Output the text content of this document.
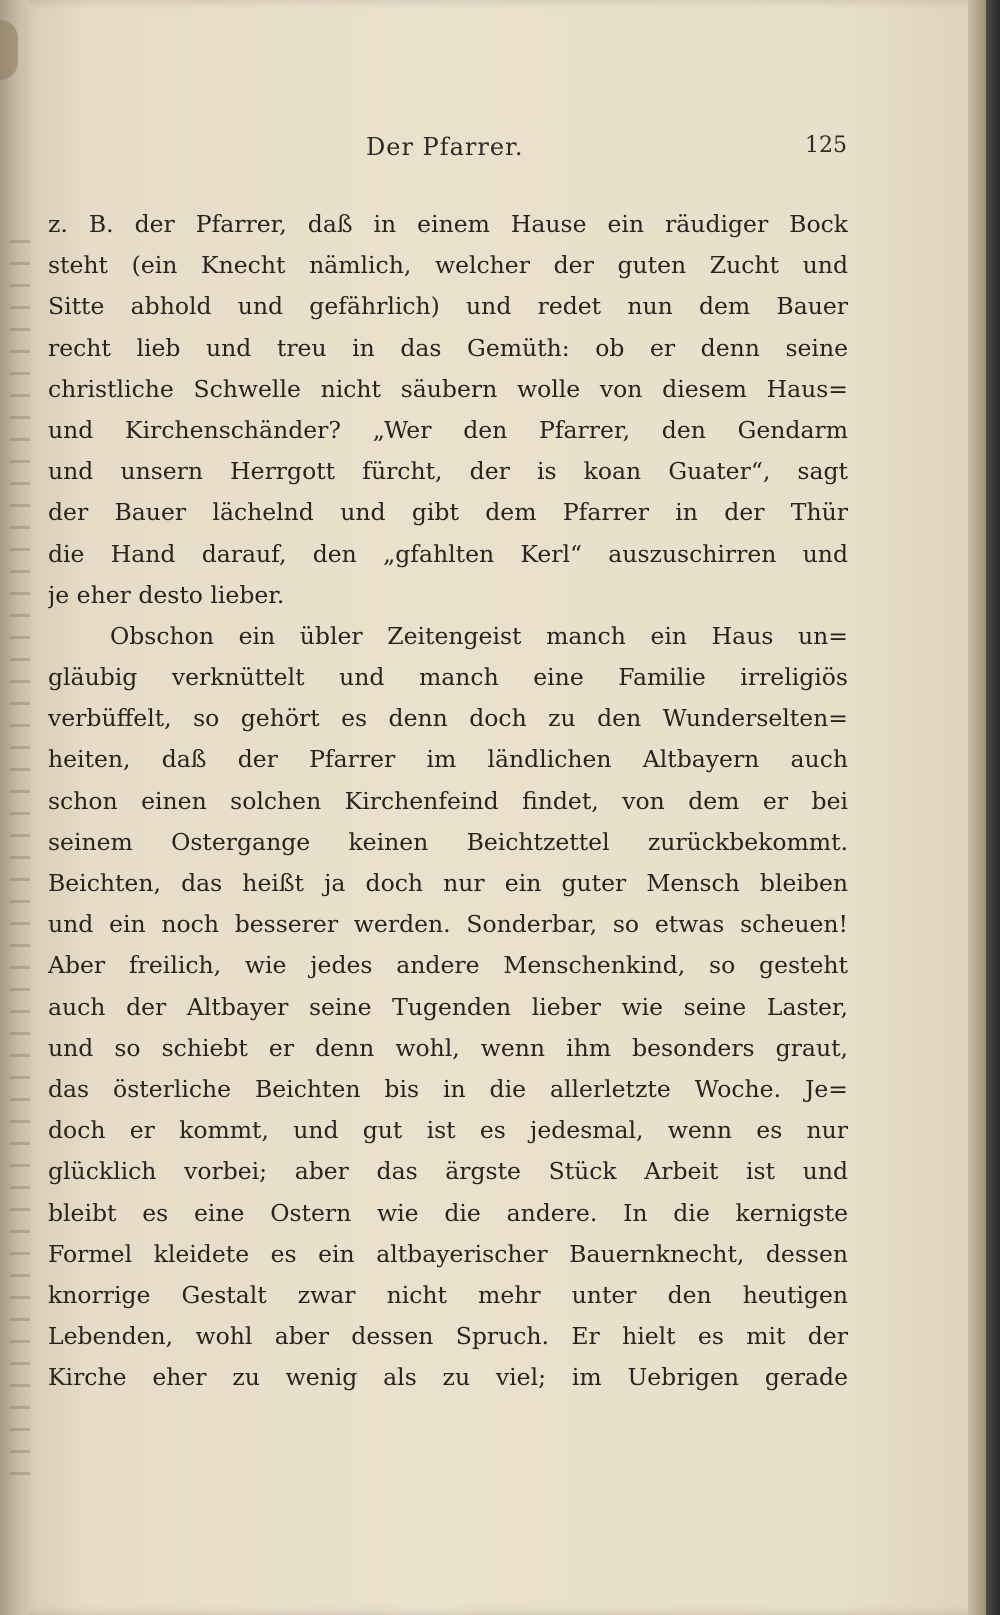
Der Pfarrer.	125
z. B. der Pfarrer, daß in einem Hause ein räudiger Bock
steht (ein Knecht nämlich, welcher der guten Zucht und
Sitte abhold und gefährlich) und redet nun dem Bauer
recht lieb und treu in das Gemüth: ob er denn seine
christliche Schwelle nicht säubern wolle von diesem Haus=
und Kirchenschänder? „Wer den Pfarrer, den Gendarm
und unsern Herrgott fürcht, der is koan Guater“, sagt
der Bauer lächelnd und gibt dem Pfarrer in der Thür
die Hand darauf, den „gfahlten Kerl“ auszuschirren und
je eher desto lieber.
Obschon ein übler Zeitengeist manch ein Haus un=
gläubig verknüttelt und manch eine Familie irreligiös
verbüffelt, so gehört es denn doch zu den Wunderselten=
heiten, daß der Pfarrer im ländlichen Altbayern auch
schon einen solchen Kirchenfeind findet, von dem er bei
seinem Ostergange keinen Beichtzettel zurückbekommt.
Beichten, das heißt ja doch nur ein guter Mensch bleiben
und ein noch besserer werden. Sonderbar, so etwas scheuen!
Aber freilich, wie jedes andere Menschenkind, so gesteht
auch der Altbayer seine Tugenden lieber wie seine Laster,
und so schiebt er denn wohl, wenn ihm besonders graut,
das österliche Beichten bis in die allerletzte Woche. Je=
doch er kommt, und gut ist es jedesmal, wenn es nur
glücklich vorbei; aber das ärgste Stück Arbeit ist und
bleibt es eine Ostern wie die andere. In die kernigste
Formel kleidete es ein altbayerischer Bauernknecht, dessen
knorrige Gestalt zwar nicht mehr unter den heutigen
Lebenden, wohl aber dessen Spruch. Er hielt es mit der
Kirche eher zu wenig als zu viel; im Uebrigen gerade
